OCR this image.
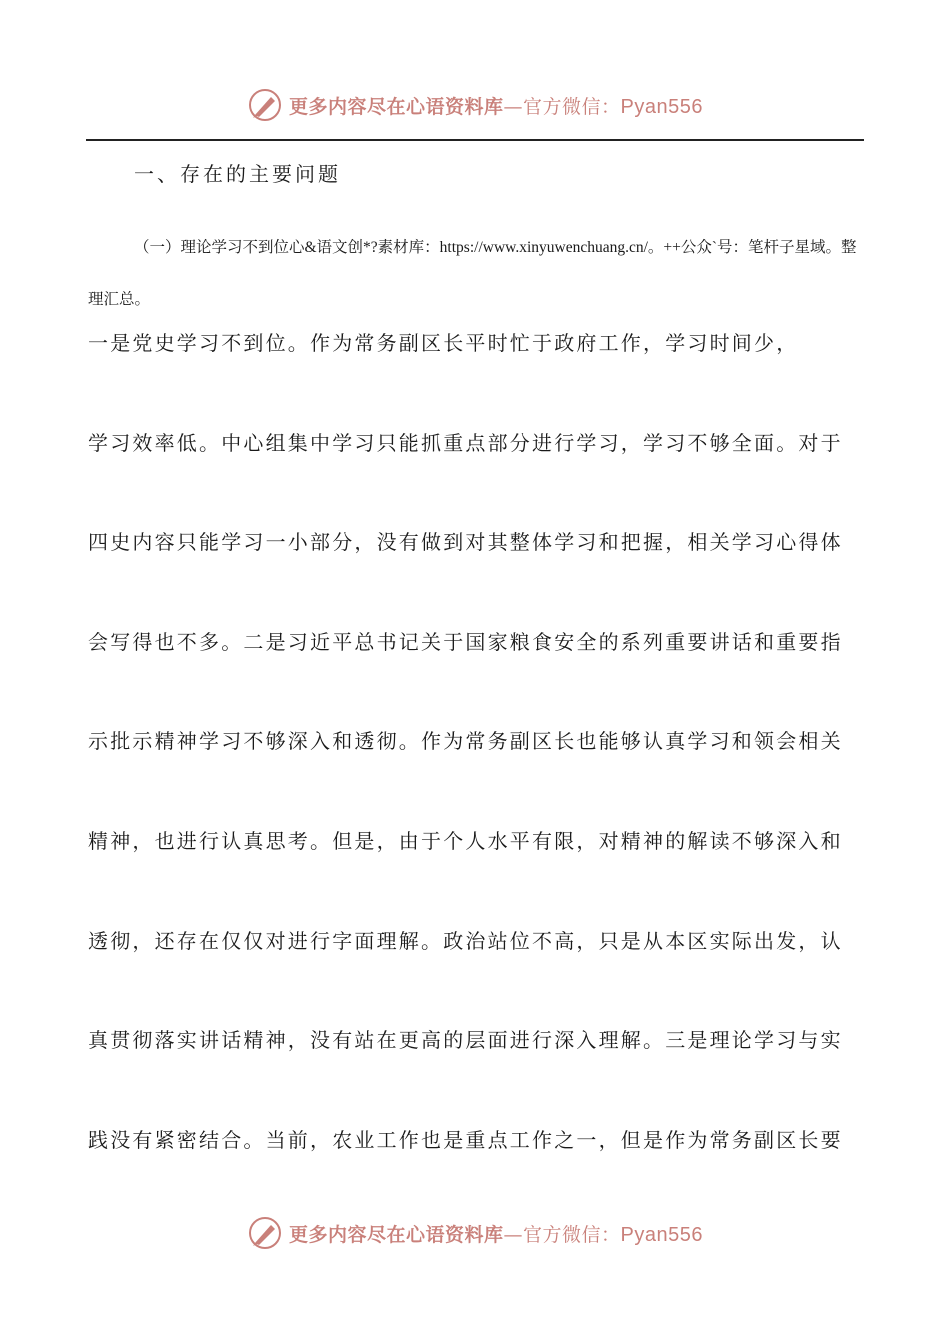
更多内容尽在心语资料库—官方微信：Pyan556
一、存在的主要问题
（一）理论学习不到位心&语文创*?素材库：https://www.xinyuwenchuang.cn/。++公众`号：笔杆子星域。整理汇总。
一是党史学习不到位。作为常务副区长平时忙于政府工作，学习时间少，
学习效率低。中心组集中学习只能抓重点部分进行学习，学习不够全面。对于
四史内容只能学习一小部分，没有做到对其整体学习和把握，相关学习心得体
会写得也不多。二是习近平总书记关于国家粮食安全的系列重要讲话和重要指
示批示精神学习不够深入和透彻。作为常务副区长也能够认真学习和领会相关
精神，也进行认真思考。但是，由于个人水平有限，对精神的解读不够深入和
透彻，还存在仅仅对进行字面理解。政治站位不高，只是从本区实际出发，认
真贯彻落实讲话精神，没有站在更高的层面进行深入理解。三是理论学习与实
践没有紧密结合。当前，农业工作也是重点工作之一，但是作为常务副区长要
更多内容尽在心语资料库—官方微信：Pyan556
